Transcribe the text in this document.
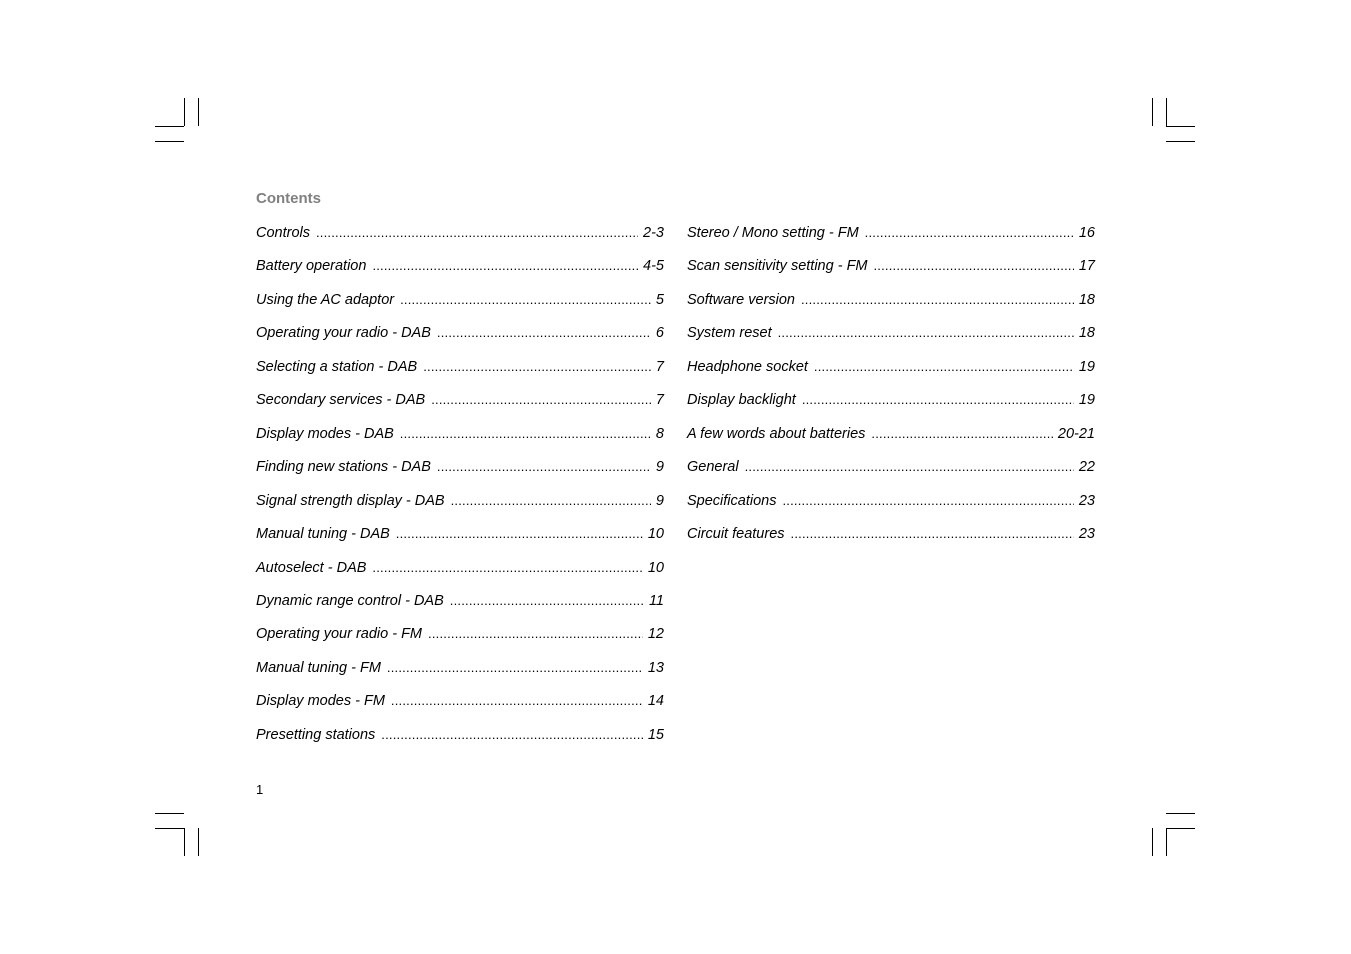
Contents
Controls .....	2-3
Battery operation .....	4-5
Using the AC adaptor .....	5
Operating your radio - DAB .....	6
Selecting a station - DAB .....	7
Secondary services - DAB .....	7
Display modes - DAB .....	8
Finding new stations - DAB .....	9
Signal strength display - DAB .....	9
Manual tuning - DAB .....	10
Autoselect - DAB .....	10
Dynamic range control - DAB .....	11
Operating your radio - FM .....	12
Manual tuning - FM .....	13
Display modes - FM .....	14
Presetting stations .....	15
Stereo / Mono setting - FM .....	16
Scan sensitivity setting - FM .....	17
Software version .....	18
System reset .....	18
Headphone socket .....	19
Display backlight .....	19
A few words about batteries .....	20-21
General .....	22
Specifications .....	23
Circuit features .....	23
1
